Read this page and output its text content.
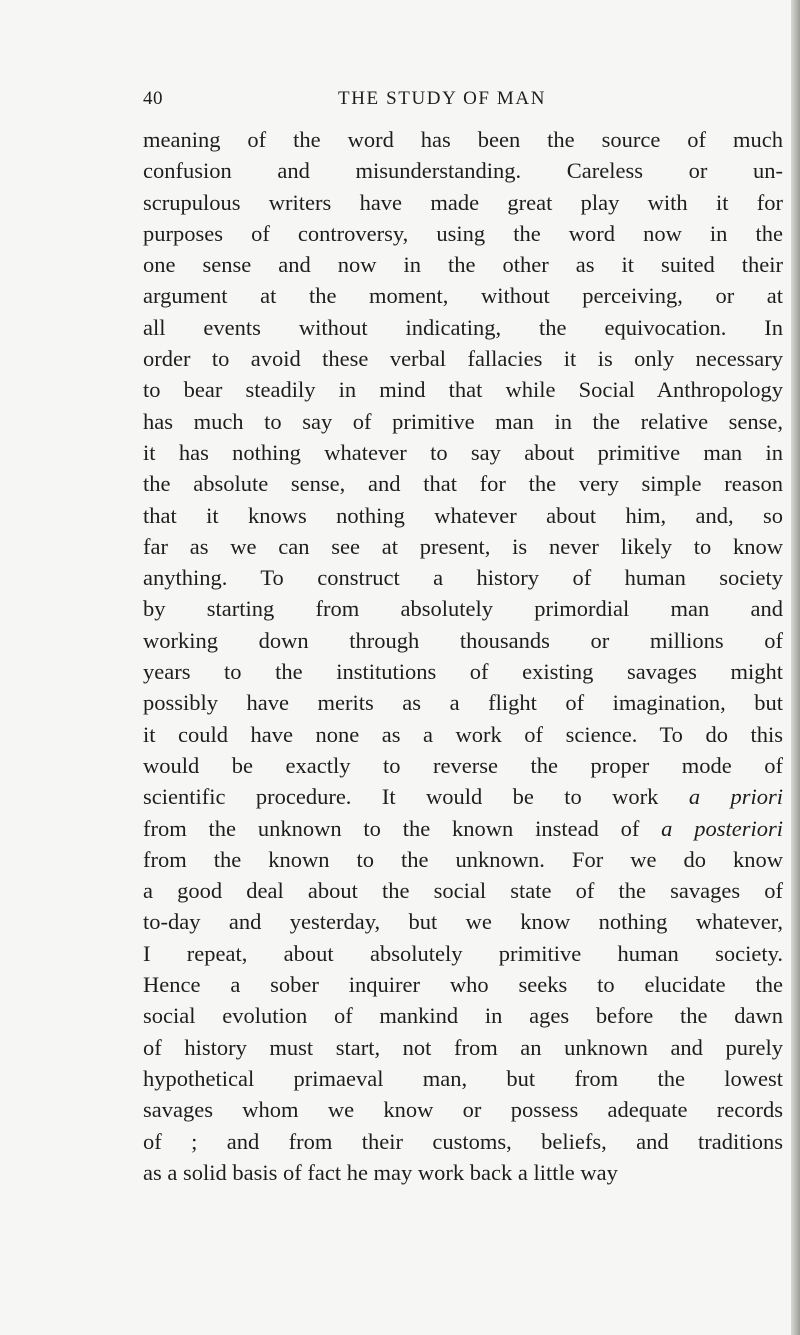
40	THE STUDY OF MAN
meaning of the word has been the source of much
confusion and misunderstanding. Careless or un-
scrupulous writers have made great play with it for
purposes of controversy, using the word now in the
one sense and now in the other as it suited their
argument at the moment, without perceiving, or at
all events without indicating, the equivocation. In
order to avoid these verbal fallacies it is only necessary
to bear steadily in mind that while Social Anthropology
has much to say of primitive man in the relative sense,
it has nothing whatever to say about primitive man in
the absolute sense, and that for the very simple reason
that it knows nothing whatever about him, and, so
far as we can see at present, is never likely to know
anything. To construct a history of human society
by starting from absolutely primordial man and
working down through thousands or millions of
years to the institutions of existing savages might
possibly have merits as a flight of imagination, but
it could have none as a work of science. To do this
would be exactly to reverse the proper mode of
scientific procedure. It would be to work a priori
from the unknown to the known instead of a posteriori
from the known to the unknown. For we do know
a good deal about the social state of the savages of
to-day and yesterday, but we know nothing whatever,
I repeat, about absolutely primitive human society.
Hence a sober inquirer who seeks to elucidate the
social evolution of mankind in ages before the dawn
of history must start, not from an unknown and purely
hypothetical primaeval man, but from the lowest
savages whom we know or possess adequate records
of ; and from their customs, beliefs, and traditions
as a solid basis of fact he may work back a little way
